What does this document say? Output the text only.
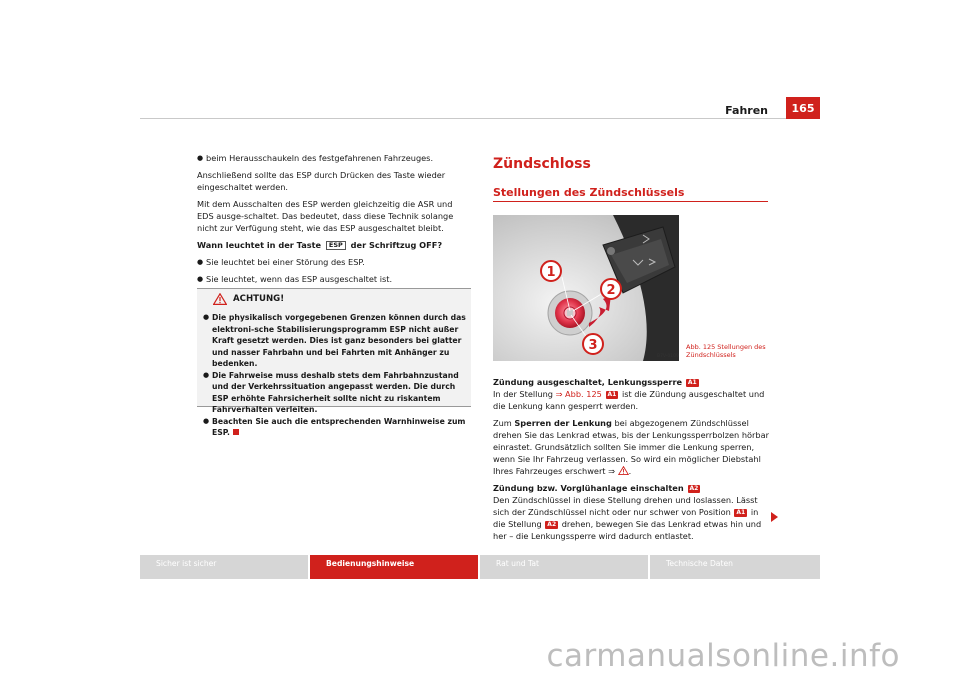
Fahren	165

● beim Herausschaukeln des festgefahrenen Fahrzeuges.

Anschließend sollte das ESP durch Drücken des Taste wieder eingeschaltet werden.

Mit dem Ausschalten des ESP werden gleichzeitig die ASR und EDS ausge-schaltet. Das bedeutet, dass diese Technik solange nicht zur Verfügung steht, wie das ESP ausgeschaltet bleibt.

Wann leuchtet in der Taste ESP der Schriftzug OFF?

● Sie leuchtet bei einer Störung des ESP.

● Sie leuchtet, wenn das ESP ausgeschaltet ist.

ACHTUNG!

● Die physikalisch vorgegebenen Grenzen können durch das elektroni-sche Stabilisierungsprogramm ESP nicht außer Kraft gesetzt werden. Dies ist ganz besonders bei glatter und nasser Fahrbahn und bei Fahrten mit Anhänger zu bedenken.

● Die Fahrweise muss deshalb stets dem Fahrbahnzustand und der Verkehrssituation angepasst werden. Die durch ESP erhöhte Fahrsicherheit sollte nicht zu riskantem Fahrverhalten verleiten.

● Beachten Sie auch die entsprechenden Warnhinweise zum ESP.

Zündschloss
Stellungen des Zündschlüssels
1
2
3
B7V-0109
Abb. 125 Stellungen des Zündschlüssels

Zündung ausgeschaltet, Lenkungssperre A1

In der Stellung ⇒ Abb. 125 A1 ist die Zündung ausgeschaltet und die Lenkung kann gesperrt werden.

Zum Sperren der Lenkung bei abgezogenem Zündschlüssel drehen Sie das Lenkrad etwas, bis der Lenkungssperrbolzen hörbar einrastet. Grundsätzlich sollten Sie immer die Lenkung sperren, wenn Sie Ihr Fahrzeug verlassen. So wird ein möglicher Diebstahl Ihres Fahrzeuges erschwert ⇒ .

Zündung bzw. Vorglühanlage einschalten A2

Den Zündschlüssel in diese Stellung drehen und loslassen. Lässt sich der Zündschlüssel nicht oder nur schwer von Position A1 in die Stellung A2 drehen, bewegen Sie das Lenkrad etwas hin und her – die Lenkungssperre wird dadurch entlastet.

Sicher ist sicher	Bedienungshinweise	Rat und Tat	Technische Daten
carmanualsonline.info
